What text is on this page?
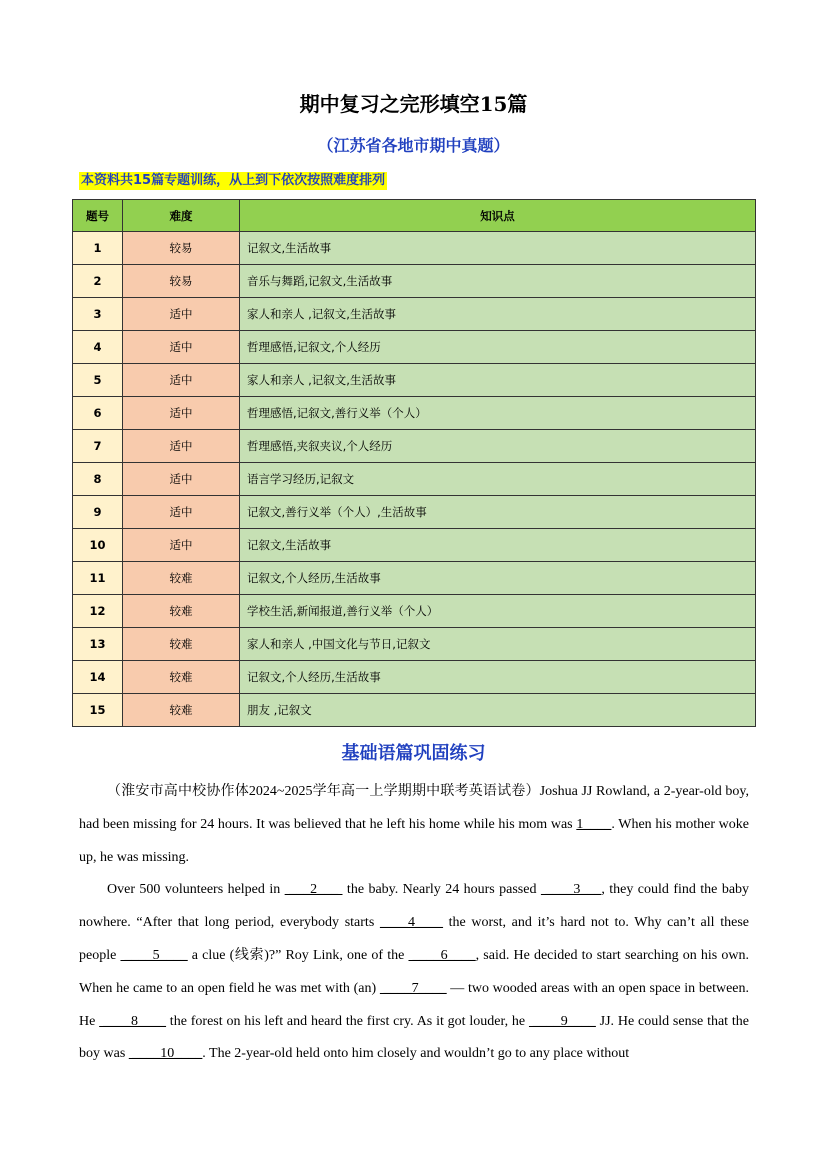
期中复习之完形填空15篇
（江苏省各地市期中真题）
本资料共15篇专题训练，从上到下依次按照难度排列
题号	难度	知识点
1	较易	记叙文,生活故事
2	较易	音乐与舞蹈,记叙文,生活故事
3	适中	家人和亲人 ,记叙文,生活故事
4	适中	哲理感悟,记叙文,个人经历
5	适中	家人和亲人 ,记叙文,生活故事
6	适中	哲理感悟,记叙文,善行义举（个人）
7	适中	哲理感悟,夹叙夹议,个人经历
8	适中	语言学习经历,记叙文
9	适中	记叙文,善行义举（个人）,生活故事
10	适中	记叙文,生活故事
11	较难	记叙文,个人经历,生活故事
12	较难	学校生活,新闻报道,善行义举（个人）
13	较难	家人和亲人 ,中国文化与节日,记叙文
14	较难	记叙文,个人经历,生活故事
15	较难	朋友 ,记叙文
基础语篇巩固练习

（淮安市高中校协作体2024~2025学年高一上学期期中联考英语试卷）Joshua JJ Rowland, a 2-year-old boy, had been missing for 24 hours. It was believed that he left his home while his mom was 1____. When his mother woke up, he was missing.

Over 500 volunteers helped in  ___2___  the baby. Nearly 24 hours passed  ____3___, they could find the baby nowhere. “After that long period, everybody starts ____4____ the worst, and it’s hard not to. Why can’t all these people  ____5____ a clue (线索)?” Roy Link, one of the  ____6____, said. He decided to start searching on his own. When he came to an open field he was met with (an)  ____7____ — two wooded areas with an open space in between. He  ____8____ the forest on his left and heard the first cry. As it got louder, he  ____9____ JJ. He could sense that the boy was  ____10____. The 2-year-old held onto him closely and wouldn’t go to any place without
